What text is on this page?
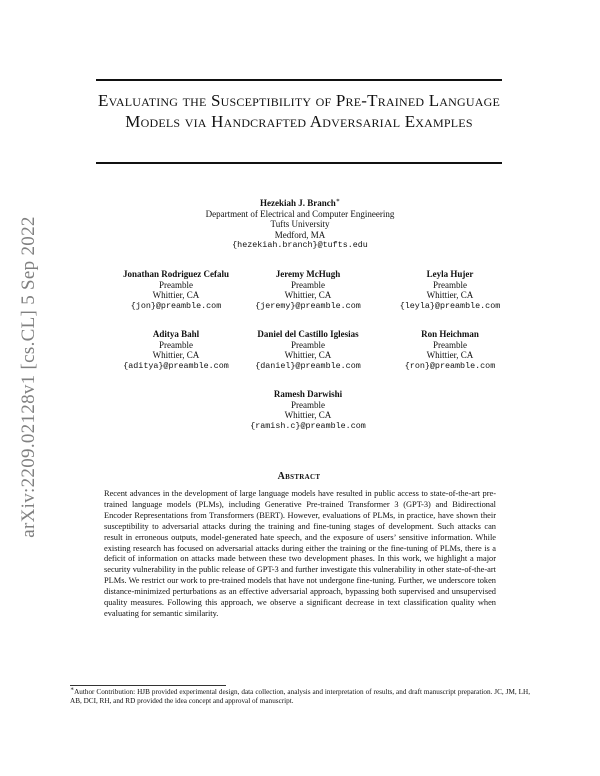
Evaluating the Susceptibility of Pre-Trained Language Models via Handcrafted Adversarial Examples
arXiv:2209.02128v1 [cs.CL] 5 Sep 2022
Hezekiah J. Branch∗
Department of Electrical and Computer Engineering
Tufts University
Medford, MA
{hezekiah.branch}@tufts.edu
Jonathan Rodriguez Cefalu
Preamble
Whittier, CA
{jon}@preamble.com
Jeremy McHugh
Preamble
Whittier, CA
{jeremy}@preamble.com
Leyla Hujer
Preamble
Whittier, CA
{leyla}@preamble.com
Aditya Bahl
Preamble
Whittier, CA
{aditya}@preamble.com
Daniel del Castillo Iglesias
Preamble
Whittier, CA
{daniel}@preamble.com
Ron Heichman
Preamble
Whittier, CA
{ron}@preamble.com
Ramesh Darwishi
Preamble
Whittier, CA
{ramish.c}@preamble.com
Abstract
Recent advances in the development of large language models have resulted in public access to state-of-the-art pre-trained language models (PLMs), including Generative Pre-trained Transformer 3 (GPT-3) and Bidirectional Encoder Representations from Transformers (BERT). However, evaluations of PLMs, in practice, have shown their susceptibility to adversarial attacks during the training and fine-tuning stages of development. Such attacks can result in erroneous outputs, model-generated hate speech, and the exposure of users’ sensitive information. While existing research has focused on adversarial attacks during either the training or the fine-tuning of PLMs, there is a deficit of information on attacks made between these two development phases. In this work, we highlight a major security vulnerability in the public release of GPT-3 and further investigate this vulnerability in other state-of-the-art PLMs. We restrict our work to pre-trained models that have not undergone fine-tuning. Further, we underscore token distance-minimized perturbations as an effective adversarial approach, bypassing both supervised and unsupervised quality measures. Following this approach, we observe a significant decrease in text classification quality when evaluating for semantic similarity.
∗Author Contribution: HJB provided experimental design, data collection, analysis and interpretation of results, and draft manuscript preparation. JC, JM, LH, AB, DCI, RH, and RD provided the idea concept and approval of manuscript.
